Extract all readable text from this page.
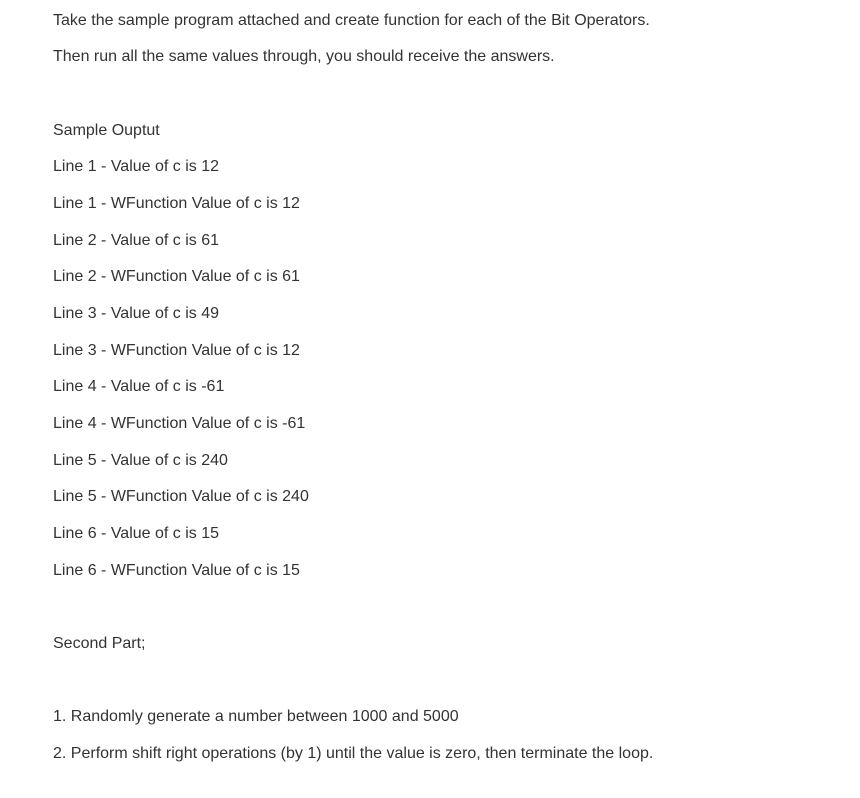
Take the sample program attached and create function for each of the Bit Operators.

Then run all the same values through, you should receive the answers.

Sample Ouptut

Line 1 - Value of c is 12

Line 1 - WFunction Value of c is 12

Line 2 - Value of c is 61

Line 2 - WFunction Value of c is 61

Line 3 - Value of c is 49

Line 3 - WFunction Value of c is 12

Line 4 - Value of c is -61

Line 4 - WFunction Value of c is -61

Line 5 - Value of c is 240

Line 5 - WFunction Value of c is 240

Line 6 - Value of c is 15

Line 6 - WFunction Value of c is 15

Second Part;

1. Randomly generate a number between 1000 and 5000

2. Perform shift right operations (by 1) until the value is zero, then terminate the loop.
